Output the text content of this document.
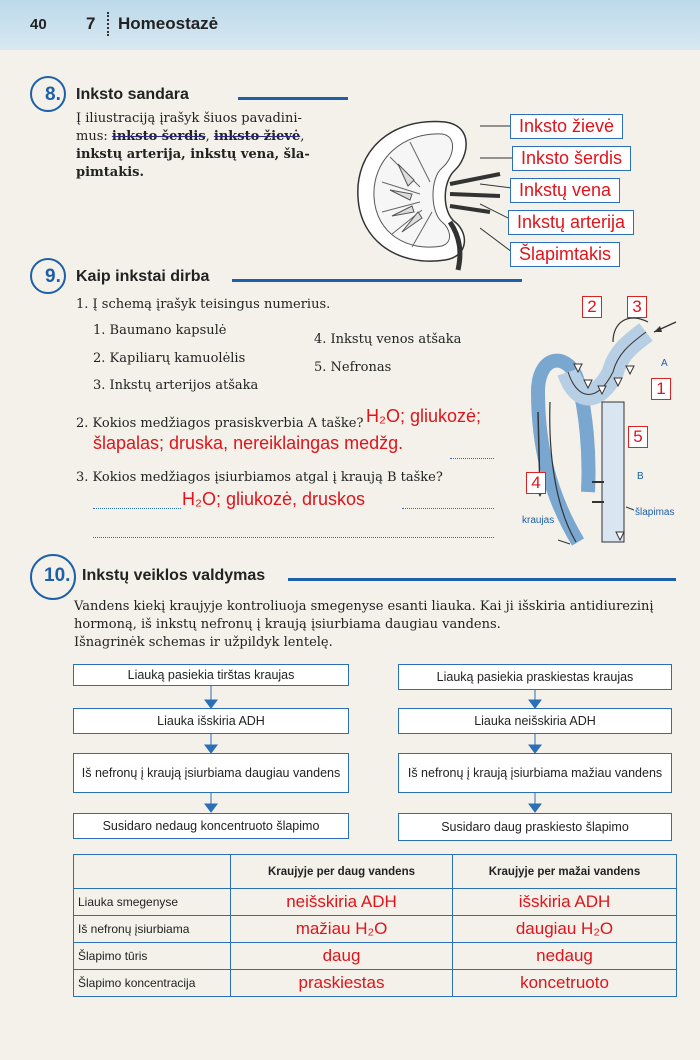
40 7 Homeostazė
8. Inksto sandara
Į iliustraciją įrašyk šiuos pavadini-
mus: inksto šerdis, inksto žievė,
inkstų arterija, inkstų vena, šla-
pimtakis.
Inksto žievė
Inksto šerdis
Inkstų vena
Inkstų arterija
Šlapimtakis
9. Kaip inkstai dirba
1. Į schemą įrašyk teisingus numerius.
1. Baumano kapsulė
2. Kapiliarų kamuolėlis
3. Inkstų arterijos atšaka
4. Inkstų venos atšaka
5. Nefronas
2. Kokios medžiagos prasiskverbia A taške? H₂O; gliukozė;
šlapalas; druska, nereiklaingas medžg.
3. Kokios medžiagos įsiurbiamos atgal į kraują B taške?
H₂O; gliukozė, druskos
A
B
kraujas
šlapimas
2	3
1
5
4
10. Inkstų veiklos valdymas
Vandens kiekį kraujyje kontroliuoja smegenyse esanti liauka. Kai ji išskiria antidiurezinį
hormoną, iš inkstų nefronų į kraują įsiurbiama daugiau vandens.
Išnagrinėk schemas ir užpildyk lentelę.
Liauką pasiekia tirštas kraujas
Liauka išskiria ADH
Iš nefronų į kraują įsiurbiama daugiau vandens
Susidaro nedaug koncentruoto šlapimo
Liauką pasiekia praskiestas kraujas
Liauka neišskiria ADH
Iš nefronų į kraują įsiurbiama mažiau vandens
Susidaro daug praskiesto šlapimo
	Kraujyje per daug vandens	Kraujyje per mažai vandens
Liauka smegenyse	neišskiria ADH	išskiria ADH
Iš nefronų įsiurbiama	mažiau H₂O	daugiau H₂O
Šlapimo tūris	daug	nedaug
Šlapimo koncentracija	praskiestas	koncetruoto
